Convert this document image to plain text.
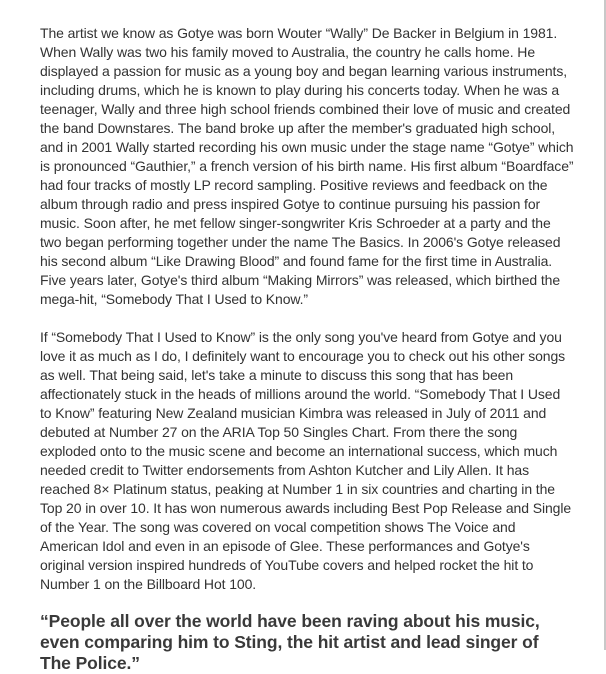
The artist we know as Gotye was born Wouter “Wally” De Backer in Belgium in 1981. When Wally was two his family moved to Australia, the country he calls home. He displayed a passion for music as a young boy and began learning various instruments, including drums, which he is known to play during his concerts today. When he was a teenager, Wally and three high school friends combined their love of music and created the band Downstares. The band broke up after the member's graduated high school, and in 2001 Wally started recording his own music under the stage name “Gotye” which is pronounced “Gauthier,” a french version of his birth name. His first album “Boardface” had four tracks of mostly LP record sampling. Positive reviews and feedback on the album through radio and press inspired Gotye to continue pursuing his passion for music. Soon after, he met fellow singer-songwriter Kris Schroeder at a party and the two began performing together under the name The Basics. In 2006's Gotye released his second album “Like Drawing Blood” and found fame for the first time in Australia. Five years later, Gotye's third album “Making Mirrors” was released, which birthed the mega-hit, “Somebody That I Used to Know.”

If “Somebody That I Used to Know” is the only song you've heard from Gotye and you love it as much as I do, I definitely want to encourage you to check out his other songs as well. That being said, let's take a minute to discuss this song that has been affectionately stuck in the heads of millions around the world. “Somebody That I Used to Know” featuring New Zealand musician Kimbra was released in July of 2011 and debuted at Number 27 on the ARIA Top 50 Singles Chart. From there the song exploded onto to the music scene and become an international success, which much needed credit to Twitter endorsements from Ashton Kutcher and Lily Allen. It has reached 8× Platinum status, peaking at Number 1 in six countries and charting in the Top 20 in over 10. It has won numerous awards including Best Pop Release and Single of the Year. The song was covered on vocal competition shows The Voice and American Idol and even in an episode of Glee. These performances and Gotye's original version inspired hundreds of YouTube covers and helped rocket the hit to Number 1 on the Billboard Hot 100.

“People all over the world have been raving about his music, even comparing him to Sting, the hit artist and lead singer of The Police.”
